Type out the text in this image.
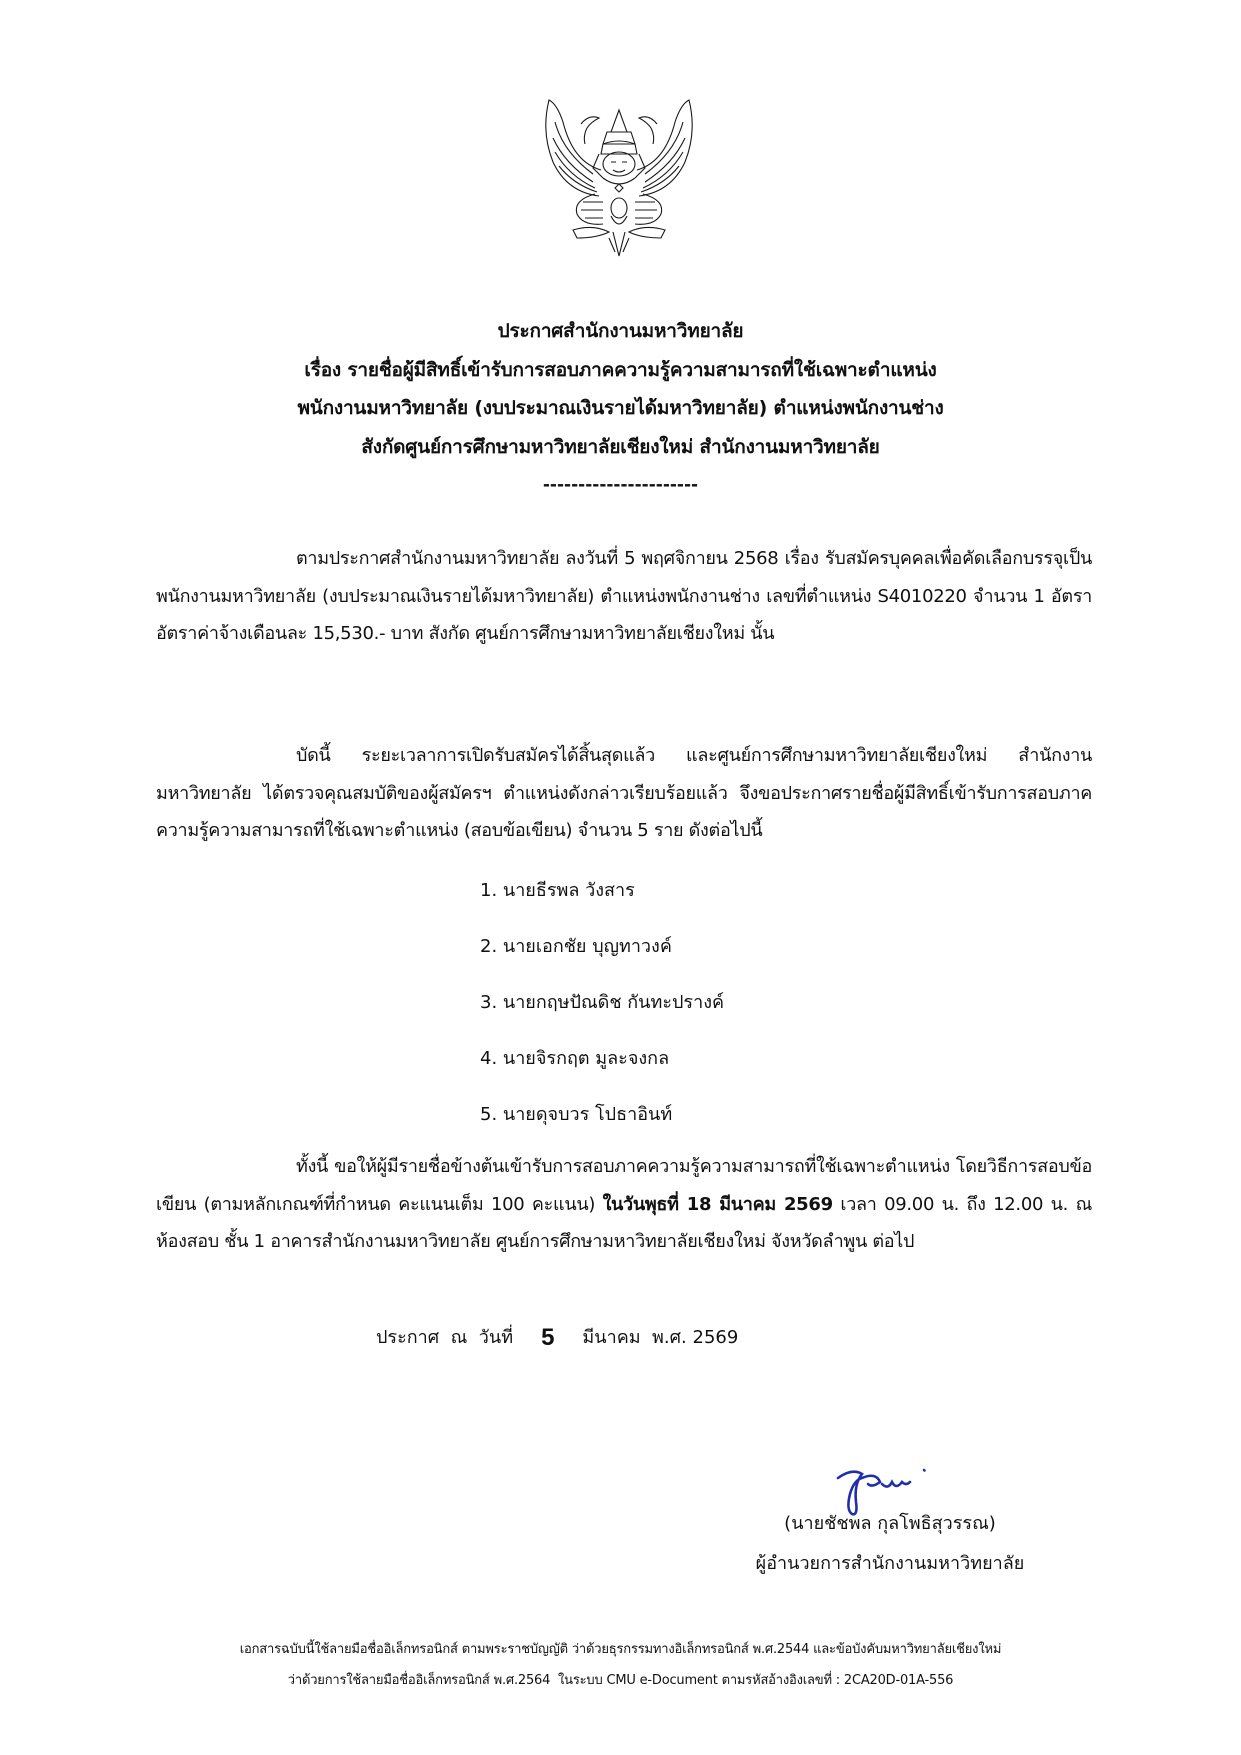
ประกาศสำนักงานมหาวิทยาลัย
เรื่อง รายชื่อผู้มีสิทธิ์เข้ารับการสอบภาคความรู้ความสามารถที่ใช้เฉพาะตำแหน่ง
พนักงานมหาวิทยาลัย (งบประมาณเงินรายได้มหาวิทยาลัย) ตำแหน่งพนักงานช่าง
สังกัดศูนย์การศึกษามหาวิทยาลัยเชียงใหม่ สำนักงานมหาวิทยาลัย
----------------------
ตามประกาศสำนักงานมหาวิทยาลัย ลงวันที่ 5 พฤศจิกายน 2568 เรื่อง รับสมัครบุคคลเพื่อคัดเลือกบรรจุเป็นพนักงานมหาวิทยาลัย (งบประมาณเงินรายได้มหาวิทยาลัย) ตำแหน่งพนักงานช่าง เลขที่ตำแหน่ง S4010220 จำนวน 1 อัตรา อัตราค่าจ้างเดือนละ 15,530.- บาท สังกัด ศูนย์การศึกษามหาวิทยาลัยเชียงใหม่ นั้น
บัดนี้ ระยะเวลาการเปิดรับสมัครได้สิ้นสุดแล้ว และศูนย์การศึกษามหาวิทยาลัยเชียงใหม่ สำนักงานมหาวิทยาลัย ได้ตรวจคุณสมบัติของผู้สมัครฯ ตำแหน่งดังกล่าวเรียบร้อยแล้ว จึงขอประกาศรายชื่อผู้มีสิทธิ์เข้ารับการสอบภาคความรู้ความสามารถที่ใช้เฉพาะตำแหน่ง (สอบข้อเขียน) จำนวน 5 ราย ดังต่อไปนี้
1. นายธีรพล วังสาร
2. นายเอกชัย บุญทาวงค์
3. นายกฤษปัณดิช กันทะปรางค์
4. นายจิรกฤต มูละจงกล
5. นายดุจบวร โปธาอินท์
ทั้งนี้ ขอให้ผู้มีรายชื่อข้างต้นเข้ารับการสอบภาคความรู้ความสามารถที่ใช้เฉพาะตำแหน่ง โดยวิธีการสอบข้อเขียน (ตามหลักเกณฑ์ที่กำหนด คะแนนเต็ม 100 คะแนน) ในวันพุธที่ 18 มีนาคม 2569 เวลา 09.00 น. ถึง 12.00 น. ณ ห้องสอบ ชั้น 1 อาคารสำนักงานมหาวิทยาลัย ศูนย์การศึกษามหาวิทยาลัยเชียงใหม่ จังหวัดลำพูน ต่อไป
ประกาศ  ณ  วันที่ 5 มีนาคม  พ.ศ. 2569
(นายชัชพล กุลโพธิสุวรรณ)
ผู้อำนวยการสำนักงานมหาวิทยาลัย
เอกสารฉบับนี้ใช้ลายมือชื่ออิเล็กทรอนิกส์ ตามพระราชบัญญัติ ว่าด้วยธุรกรรมทางอิเล็กทรอนิกส์ พ.ศ.2544 และข้อบังคับมหาวิทยาลัยเชียงใหม่
ว่าด้วยการใช้ลายมือชื่ออิเล็กทรอนิกส์ พ.ศ.2564  ในระบบ CMU e-Document ตามรหัสอ้างอิงเลขที่ : 2CA20D-01A-556
